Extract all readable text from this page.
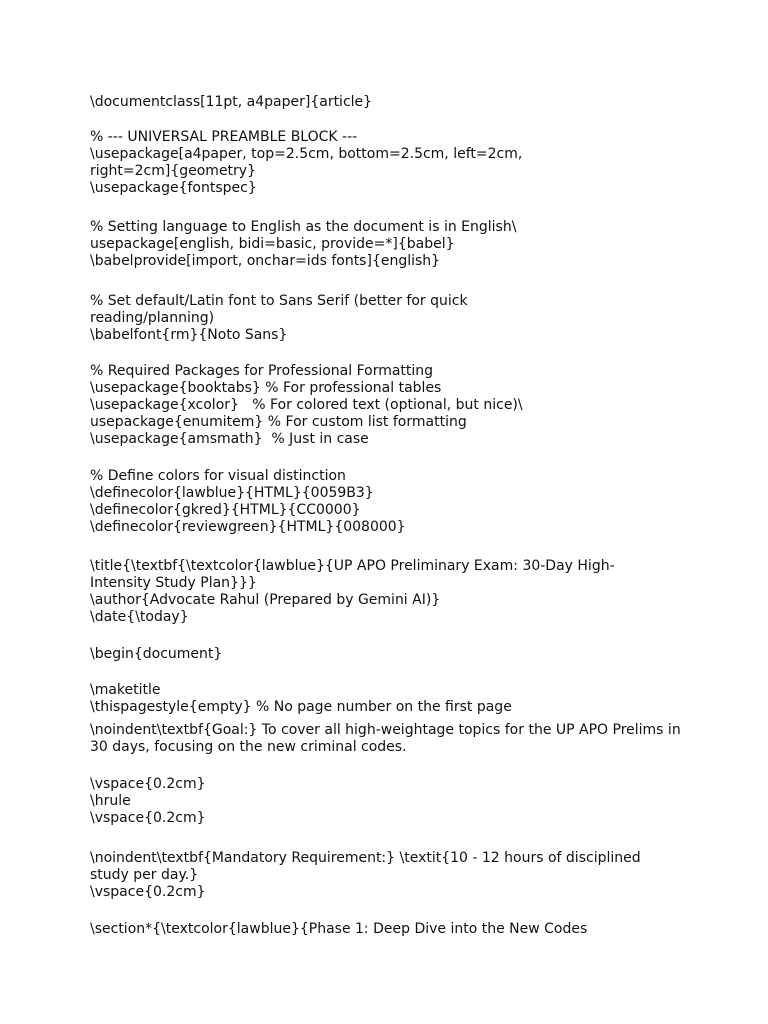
\documentclass[11pt, a4paper]{article}
% --- UNIVERSAL PREAMBLE BLOCK ---
\usepackage[a4paper, top=2.5cm, bottom=2.5cm, left=2cm,
right=2cm]{geometry}
\usepackage{fontspec}
% Setting language to English as the document is in English\
usepackage[english, bidi=basic, provide=*]{babel}
\babelprovide[import, onchar=ids fonts]{english}
% Set default/Latin font to Sans Serif (better for quick
reading/planning)
\babelfont{rm}{Noto Sans}
% Required Packages for Professional Formatting
\usepackage{booktabs} % For professional tables
\usepackage{xcolor}   % For colored text (optional, but nice)\
usepackage{enumitem} % For custom list formatting
\usepackage{amsmath}  % Just in case
% Define colors for visual distinction
\definecolor{lawblue}{HTML}{0059B3}
\definecolor{gkred}{HTML}{CC0000}
\definecolor{reviewgreen}{HTML}{008000}
\title{\textbf{\textcolor{lawblue}{UP APO Preliminary Exam: 30-Day High-
Intensity Study Plan}}}
\author{Advocate Rahul (Prepared by Gemini AI)}
\date{\today}
\begin{document}
\maketitle
\thispagestyle{empty} % No page number on the first page
\noindent\textbf{Goal:} To cover all high-weightage topics for the UP APO Prelims in
30 days, focusing on the new criminal codes.
\vspace{0.2cm}
\hrule
\vspace{0.2cm}
\noindent\textbf{Mandatory Requirement:} \textit{10 - 12 hours of disciplined
study per day.}
\vspace{0.2cm}
\section*{\textcolor{lawblue}{Phase 1: Deep Dive into the New Codes
